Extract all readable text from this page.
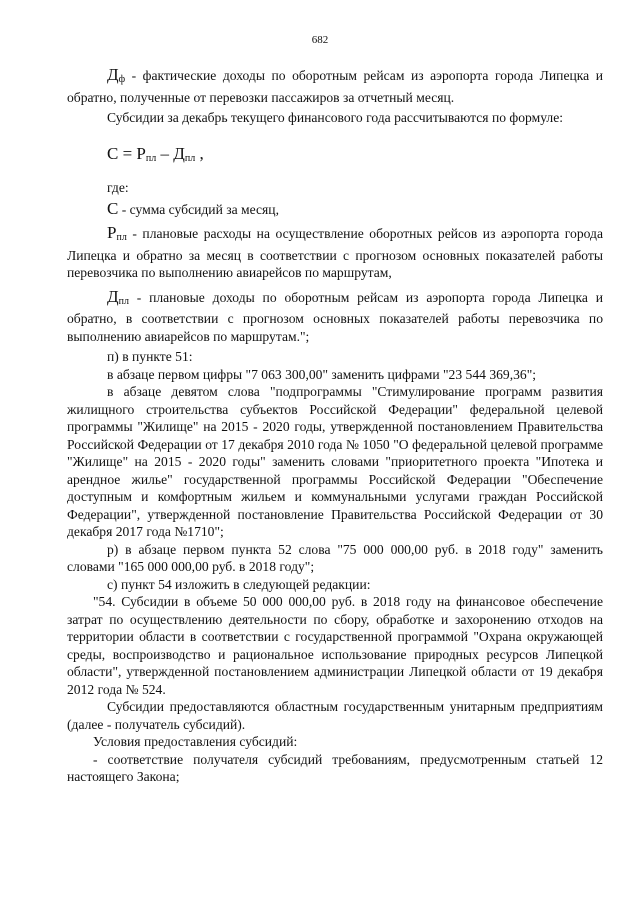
682

$Д_ф$ - фактические доходы по оборотным рейсам из аэропорта города Липецка и обратно, полученные от перевозки пассажиров за отчетный месяц.

Субсидии за декабрь текущего финансового года рассчитываются по формуле:

$С = Р_{пл} - Д_{пл}$ ,

где:

С - сумма субсидий за месяц,

$Р_{пл}$ - плановые расходы на осуществление оборотных рейсов из аэропорта города Липецка и обратно за месяц в соответствии с прогнозом основных показателей работы перевозчика по выполнению авиарейсов по маршрутам,

$Д_{пл}$ - плановые доходы по оборотным рейсам из аэропорта города Липецка и обратно, в соответствии с прогнозом основных показателей работы перевозчика по выполнению авиарейсов по маршрутам.";

п) в пункте 51:

в абзаце первом цифры "7 063 300,00" заменить цифрами "23 544 369,36";

в абзаце девятом слова "подпрограммы "Стимулирование программ развития жилищного строительства субъектов Российской Федерации" федеральной целевой программы "Жилище" на 2015 - 2020 годы, утвержденной постановлением Правительства Российской Федерации от 17 декабря 2010 года № 1050 "О федеральной целевой программе "Жилище" на 2015 - 2020 годы" заменить словами "приоритетного проекта "Ипотека и арендное жилье" государственной программы Российской Федерации "Обеспечение доступным и комфортным жильем и коммунальными услугами граждан Российской Федерации", утвержденной постановление Правительства Российской Федерации от 30 декабря 2017 года №1710";

р) в абзаце первом пункта 52 слова "75 000 000,00 руб. в 2018 году" заменить словами "165 000 000,00 руб. в 2018 году";

с) пункт 54 изложить в следующей редакции:

"54. Субсидии в объеме 50 000 000,00 руб. в 2018 году на финансовое обеспечение затрат по осуществлению деятельности по сбору, обработке и захоронению отходов на территории области в соответствии с государственной программой "Охрана окружающей среды, воспроизводство и рациональное использование природных ресурсов Липецкой области", утвержденной постановлением администрации Липецкой области от 19 декабря 2012 года № 524.

Субсидии предоставляются областным государственным унитарным предприятиям (далее - получатель субсидий).

Условия предоставления субсидий:

- соответствие получателя субсидий требованиям, предусмотренным статьей 12 настоящего Закона;
